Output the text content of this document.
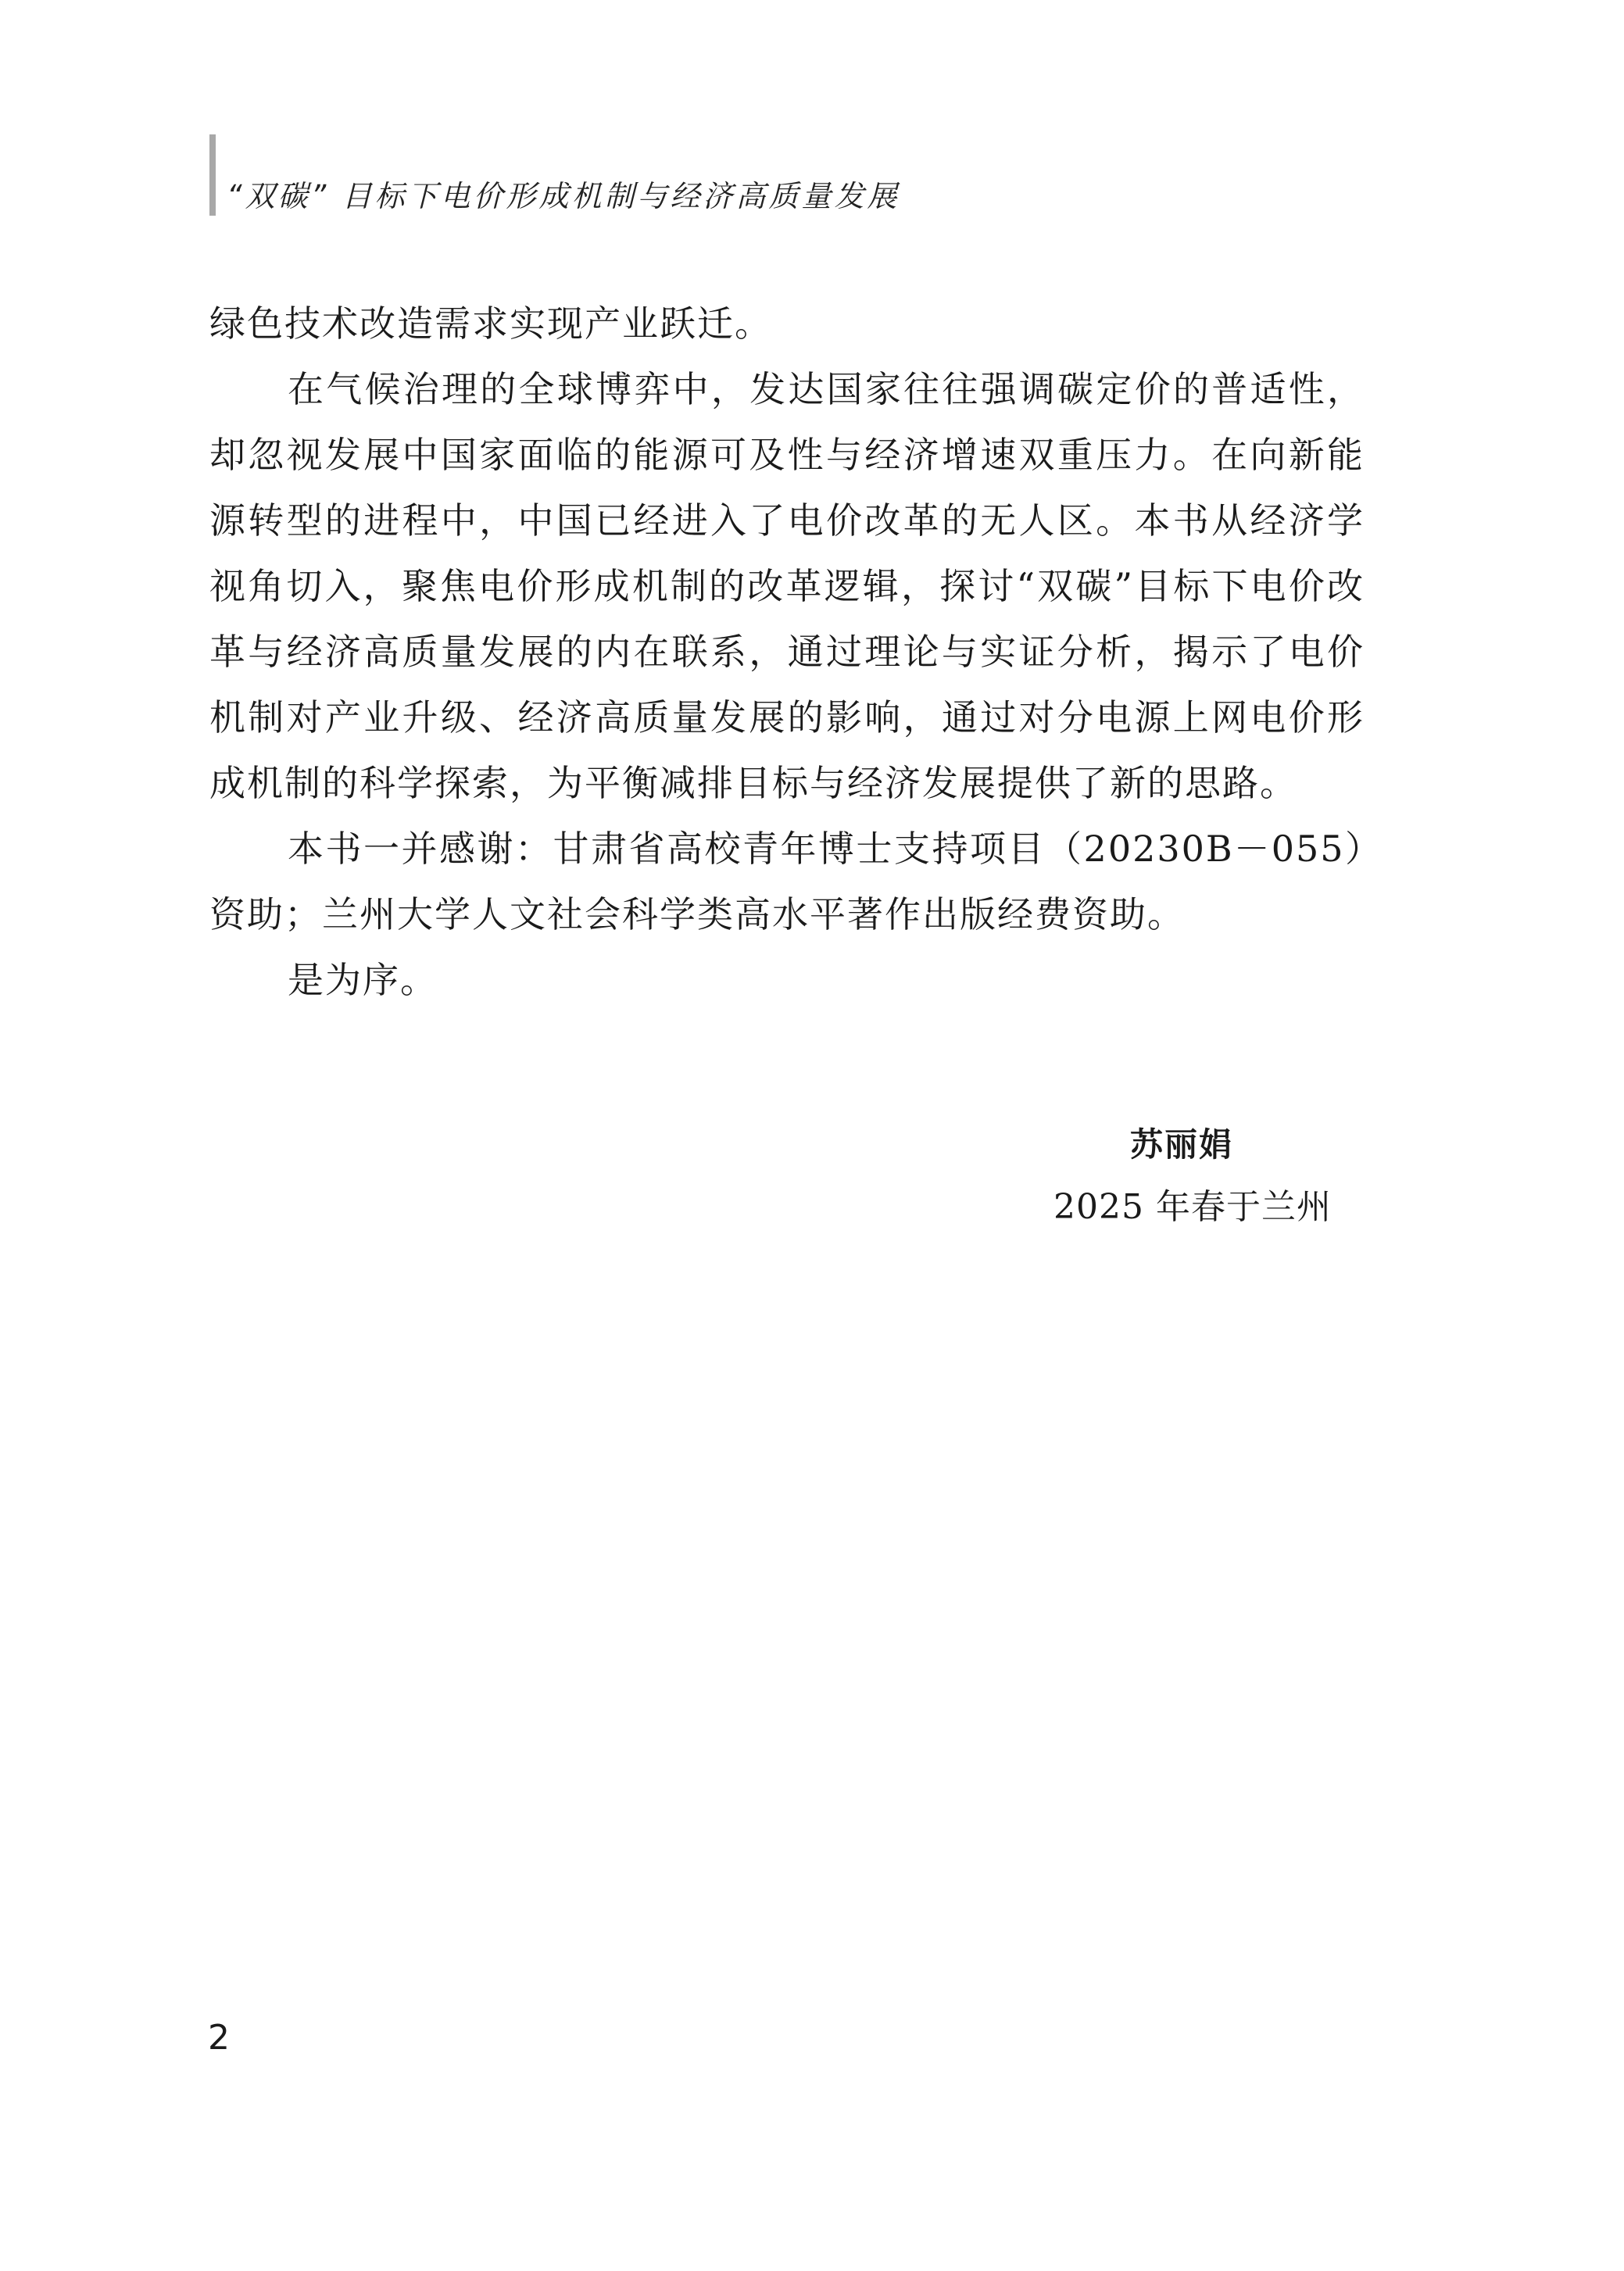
“双碳” 目标下电价形成机制与经济高质量发展

绿色技术改造需求实现产业跃迁。

在气候治理的全球博弈中，发达国家往往强调碳定价的普适性，却忽视发展中国家面临的能源可及性与经济增速双重压力。在向新能源转型的进程中，中国已经进入了电价改革的无人区。本书从经济学视角切入，聚焦电价形成机制的改革逻辑，探讨“双碳”目标下电价改革与经济高质量发展的内在联系，通过理论与实证分析，揭示了电价机制对产业升级、经济高质量发展的影响，通过对分电源上网电价形成机制的科学探索，为平衡减排目标与经济发展提供了新的思路。

本书一并感谢：甘肃省高校青年博士支持项目（20230B－055）资助；兰州大学人文社会科学类高水平著作出版经费资助。

是为序。

苏丽娟
2025 年春于兰州
2
